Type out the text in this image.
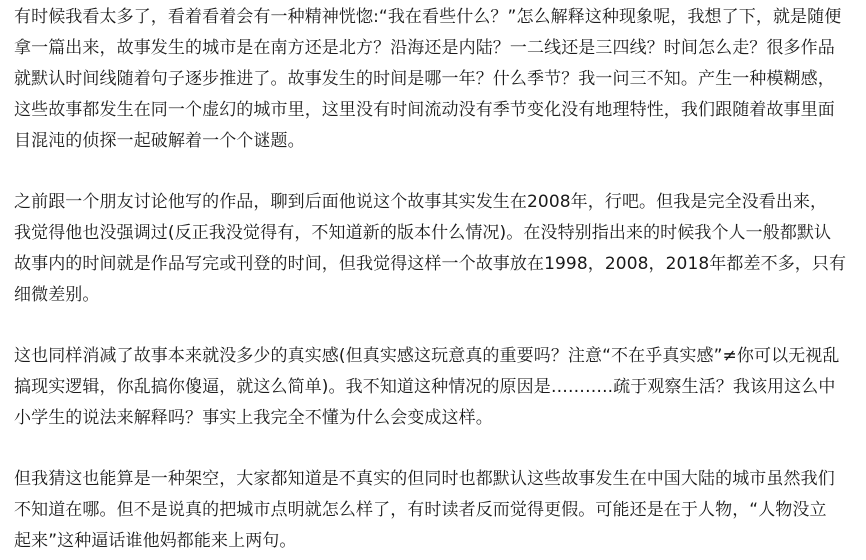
有时候我看太多了，看着看着会有一种精神恍惚:“我在看些什么？”怎么解释这种现象呢，我想了下，就是随便
拿一篇出来，故事发生的城市是在南方还是北方？沿海还是内陆？一二线还是三四线？时间怎么走？很多作品
就默认时间线随着句子逐步推进了。故事发生的时间是哪一年？什么季节？我一问三不知。产生一种模糊感，
这些故事都发生在同一个虚幻的城市里，这里没有时间流动没有季节变化没有地理特性，我们跟随着故事里面
目混沌的侦探一起破解着一个个谜题。

之前跟一个朋友讨论他写的作品，聊到后面他说这个故事其实发生在2008年，行吧。但我是完全没看出来，
我觉得他也没强调过(反正我没觉得有，不知道新的版本什么情况)。在没特别指出来的时候我个人一般都默认
故事内的时间就是作品写完或刊登的时间，但我觉得这样一个故事放在1998，2008，2018年都差不多，只有
细微差别。

这也同样消减了故事本来就没多少的真实感(但真实感这玩意真的重要吗？注意“不在乎真实感”≠你可以无视乱
搞现实逻辑，你乱搞你傻逼，就这么简单)。我不知道这种情况的原因是………..疏于观察生活？我该用这么中
小学生的说法来解释吗？事实上我完全不懂为什么会变成这样。

但我猜这也能算是一种架空，大家都知道是不真实的但同时也都默认这些故事发生在中国大陆的城市虽然我们
不知道在哪。但不是说真的把城市点明就怎么样了，有时读者反而觉得更假。可能还是在于人物，“人物没立
起来”这种逼话谁他妈都能来上两句。
